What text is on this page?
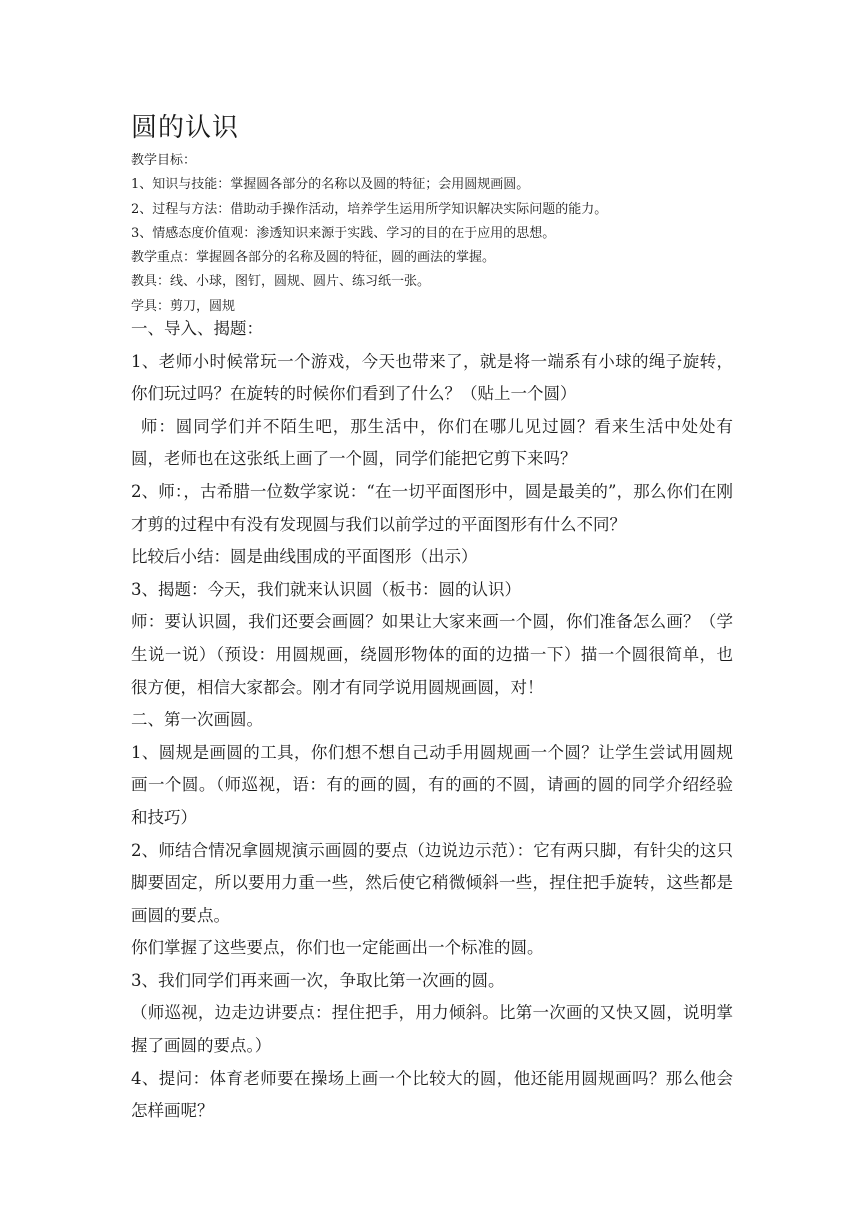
圆的认识

教学目标：

1、知识与技能：掌握圆各部分的名称以及圆的特征；会用圆规画圆。

2、过程与方法：借助动手操作活动，培养学生运用所学知识解决实际问题的能力。

3、情感态度价值观：渗透知识来源于实践、学习的目的在于应用的思想。

教学重点：掌握圆各部分的名称及圆的特征，圆的画法的掌握。

教具：线、小球，图钉，圆规、圆片、练习纸一张。

学具：剪刀，圆规

一、导入、揭题：

1、老师小时候常玩一个游戏，今天也带来了，就是将一端系有小球的绳子旋转，你们玩过吗？在旋转的时候你们看到了什么？（贴上一个圆）

师：圆同学们并不陌生吧，那生活中，你们在哪儿见过圆？看来生活中处处有圆，老师也在这张纸上画了一个圆，同学们能把它剪下来吗？

2、师：，古希腊一位数学家说：“在一切平面图形中，圆是最美的”，那么你们在刚才剪的过程中有没有发现圆与我们以前学过的平面图形有什么不同？

比较后小结：圆是曲线围成的平面图形（出示）

3、揭题：今天，我们就来认识圆（板书：圆的认识）

师：要认识圆，我们还要会画圆？如果让大家来画一个圆，你们准备怎么画？（学生说一说）（预设：用圆规画，绕圆形物体的面的边描一下）描一个圆很简单，也很方便，相信大家都会。刚才有同学说用圆规画圆，对！

二、第一次画圆。

1、圆规是画圆的工具，你们想不想自己动手用圆规画一个圆？让学生尝试用圆规画一个圆。（师巡视，语：有的画的圆，有的画的不圆，请画的圆的同学介绍经验和技巧）

2、师结合情况拿圆规演示画圆的要点（边说边示范）：它有两只脚，有针尖的这只脚要固定，所以要用力重一些，然后使它稍微倾斜一些，捏住把手旋转，这些都是画圆的要点。

你们掌握了这些要点，你们也一定能画出一个标准的圆。

3、我们同学们再来画一次，争取比第一次画的圆。

（师巡视，边走边讲要点：捏住把手，用力倾斜。比第一次画的又快又圆，说明掌握了画圆的要点。）

4、提问：体育老师要在操场上画一个比较大的圆，他还能用圆规画吗？那么他会怎样画呢？
